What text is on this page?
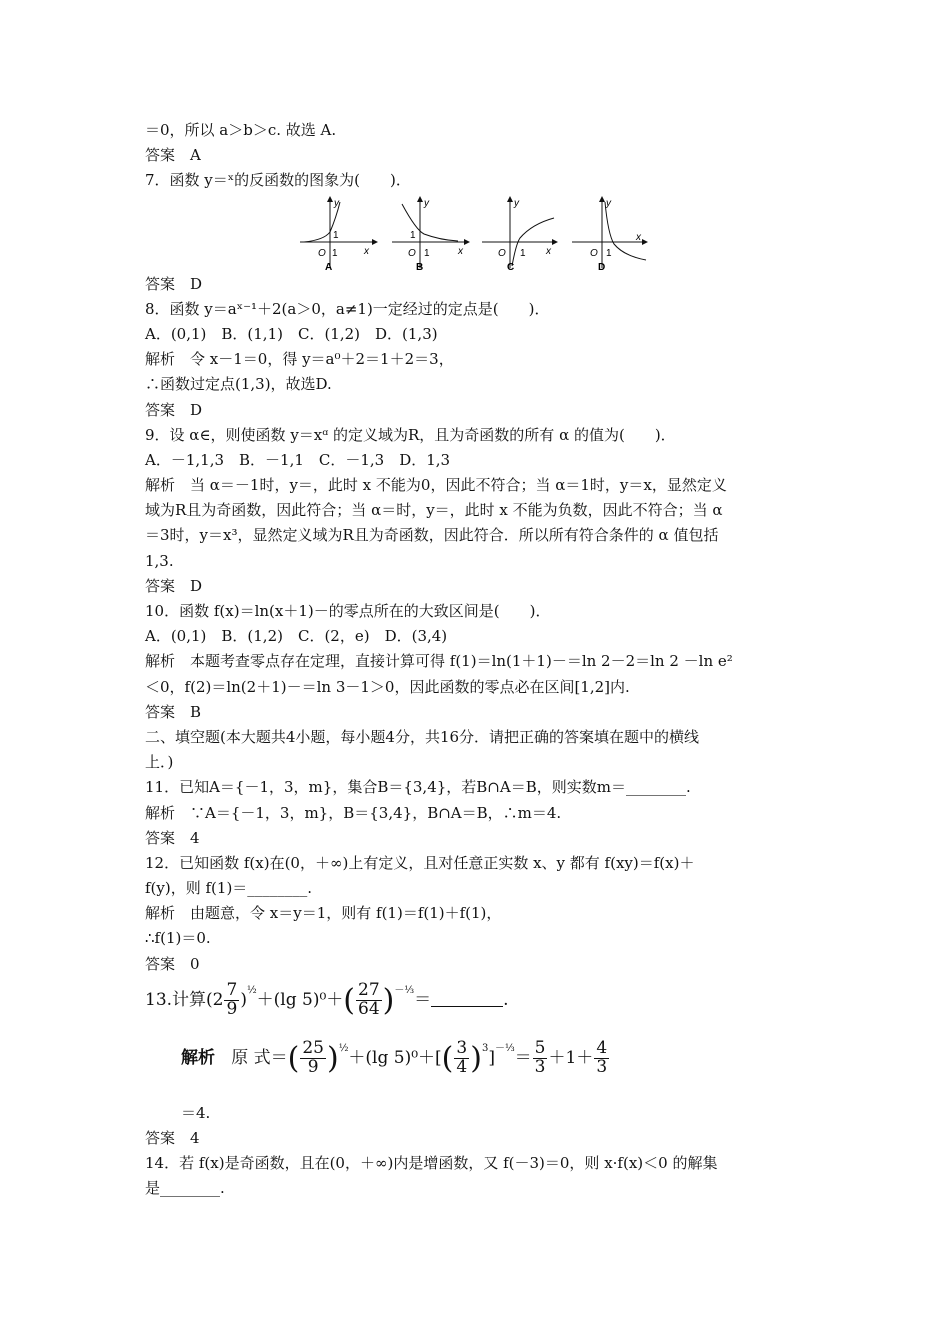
＝0，所以 a＞b＞c. 故选 A.
答案　A
7．函数 y＝ˣ的反函数的图象为(　　)．
y
x
O 1
1
A
y
x
O 1
1
B
y
x
O 1
C
y
x
O 1
D
答案　D
8．函数 y＝aˣ⁻¹＋2(a＞0，a≠1)一定经过的定点是(　　)．
A．(0,1)　B．(1,1)　C．(1,2)　D．(1,3)
解析　令 x－1＝0，得 y＝a⁰＋2＝1＋2＝3，
∴函数过定点(1,3)，故选D.
答案　D
9．设 α∈，则使函数 y＝xᵅ 的定义域为R，且为奇函数的所有 α 的值为(　　)．
A．－1,1,3　B．－1,1　C．－1,3　D．1,3
解析　当 α＝－1时，y＝，此时 x 不能为0，因此不符合；当 α＝1时，y＝x，显然定义
域为R且为奇函数，因此符合；当 α＝时，y＝，此时 x 不能为负数，因此不符合；当 α
＝3时，y＝x³，显然定义域为R且为奇函数，因此符合．所以所有符合条件的 α 值包括
1,3.
答案　D
10．函数 f(x)＝ln(x＋1)－的零点所在的大致区间是(　　)．
A．(0,1)　B．(1,2)　C．(2，e)　D．(3,4)
解析　本题考查零点存在定理，直接计算可得 f(1)＝ln(1＋1)－＝ln 2－2＝ln 2 －ln e²
＜0，f(2)＝ln(2＋1)－＝ln 3－1＞0，因此函数的零点必在区间[1,2]内.
答案　B
二、填空题(本大题共4小题，每小题4分，共16分．请把正确的答案填在题中的横线
上．)
11．已知A＝{－1，3，m}，集合B＝{3,4}，若B∩A＝B，则实数m＝________.
解析　∵A＝{－1，3，m}，B＝{3,4}，B∩A＝B，∴m＝4.
答案　4
12．已知函数 f(x)在(0，＋∞)上有定义，且对任意正实数 x、y 都有 f(xy)＝f(x)＋
f(y)，则 f(1)＝________.
解析　由题意，令 x＝y＝1，则有 f(1)＝f(1)＋f(1)，
∴f(1)＝0.
答案　0
13.计算$(2 \frac{7}{9} )^{\frac{1}{2}}+(\lg$ $5)^0+( \frac{27}{64} )^{-\frac{1}{3}}=$	.
解析 原 式＝( $\frac{25}{9} )^{\frac{1}{2}}+(\lg$ $5)^0+[( \frac{3}{4} )^3]^{-\frac{1}{3}}= \frac{5}{3} +1+ \frac{4}{3}$
＝4.
答案　4
14．若 f(x)是奇函数，且在(0，＋∞)内是增函数，又 f(－3)＝0，则 x·f(x)＜0 的解集
是________.
